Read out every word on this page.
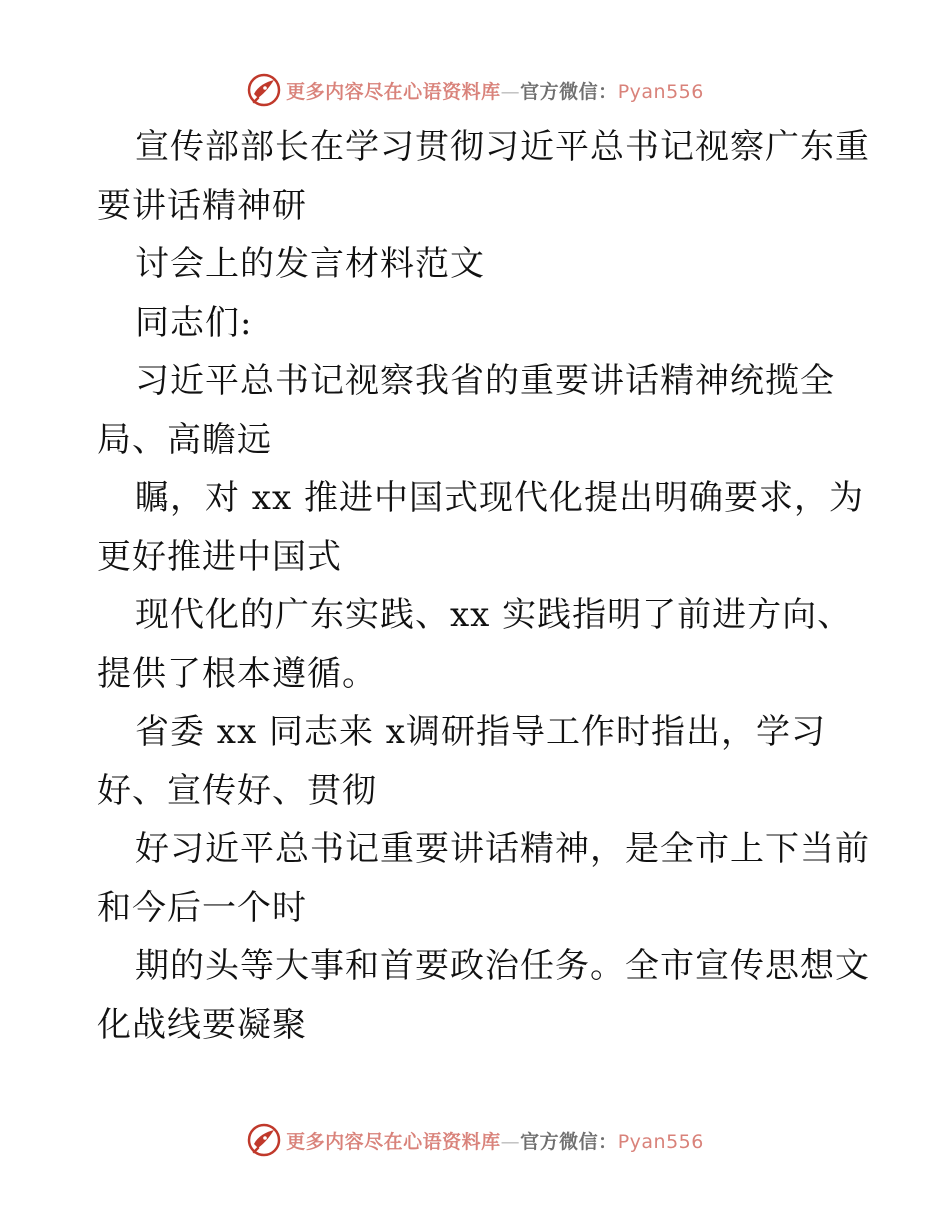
更多内容尽在心语资料库—官方微信：Pyan556
宣传部部长在学习贯彻习近平总书记视察广东重
要讲话精神研
讨会上的发言材料范文
同志们:
习近平总书记视察我省的重要讲话精神统揽全
局、高瞻远
瞩，对 xx 推进中国式现代化提出明确要求，为
更好推进中国式
现代化的广东实践、xx 实践指明了前进方向、
提供了根本遵循。
省委 xx 同志来 x调研指导工作时指出，学习
好、宣传好、贯彻
好习近平总书记重要讲话精神，是全市上下当前
和今后一个时
期的头等大事和首要政治任务。全市宣传思想文
化战线要凝聚
更多内容尽在心语资料库—官方微信：Pyan556
